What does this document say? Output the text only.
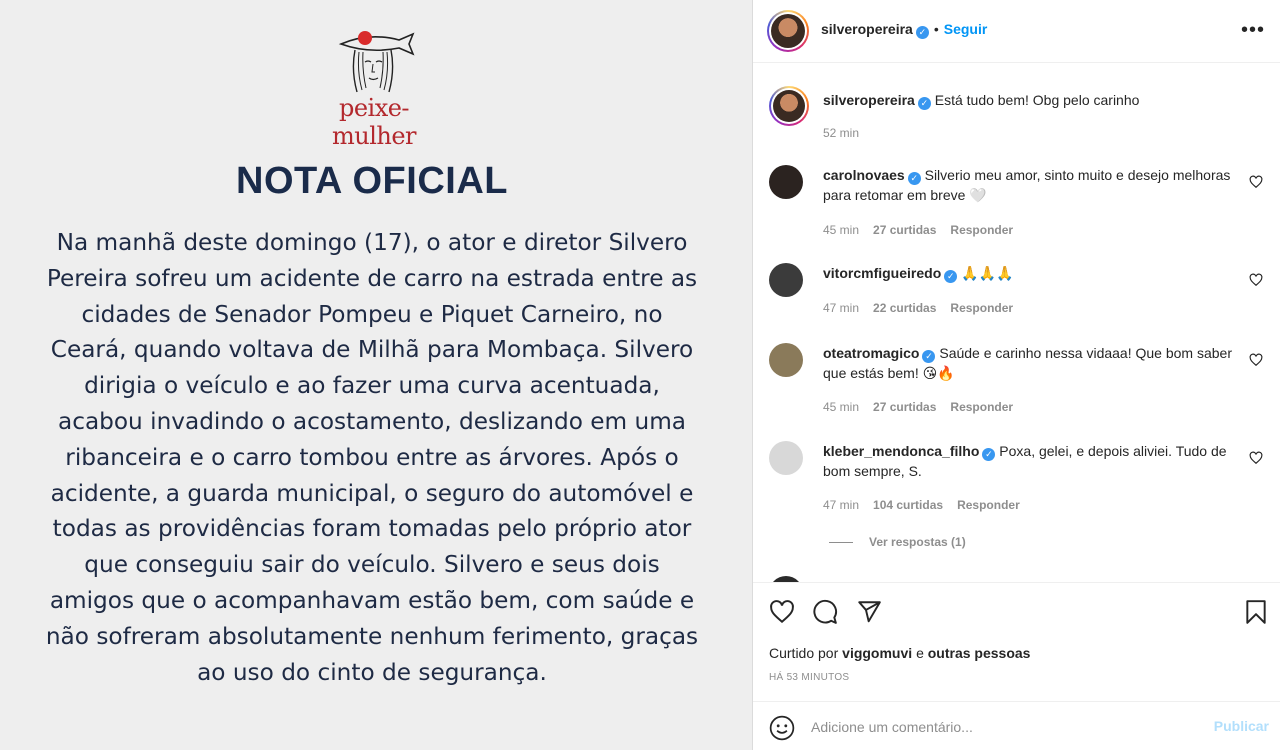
peixe-mulher
NOTA OFICIAL
Na manhã deste domingo (17), o ator e diretor Silvero Pereira sofreu um acidente de carro na estrada entre as cidades de Senador Pompeu e Piquet Carneiro, no Ceará, quando voltava de Milhã para Mombaça. Silvero dirigia o veículo e ao fazer uma curva acentuada, acabou invadindo o acostamento, deslizando em uma ribanceira e o carro tombou entre as árvores. Após o acidente, a guarda municipal, o seguro do automóvel e todas as providências foram tomadas pelo próprio ator que conseguiu sair do veículo. Silvero e seus dois amigos que o acompanhavam estão bem, com saúde e não sofreram absolutamente nenhum ferimento, graças ao uso do cinto de segurança.
silveropereira ✓ • Seguir	•••
silveropereira ✓ Está tudo bem! Obg pelo carinho
52 min
carolnovaes ✓ Silverio meu amor, sinto muito e desejo melhoras para retomar em breve 🤍
45 min 27 curtidas Responder
vitorcmfigueiredo ✓ 🙏🙏🙏
47 min 22 curtidas Responder
oteatromagico ✓ Saúde e carinho nessa vidaaa! Que bom saber que estás bem! 😘🔥
45 min 27 curtidas Responder
kleber_mendonca_filho ✓ Poxa, gelei, e depois aliviei. Tudo de bom sempre, S.
47 min 104 curtidas Responder
Ver respostas (1)
Curtido por viggomuvi e outras pessoas
HÁ 53 MINUTOS
Adicione um comentário...
Publicar
